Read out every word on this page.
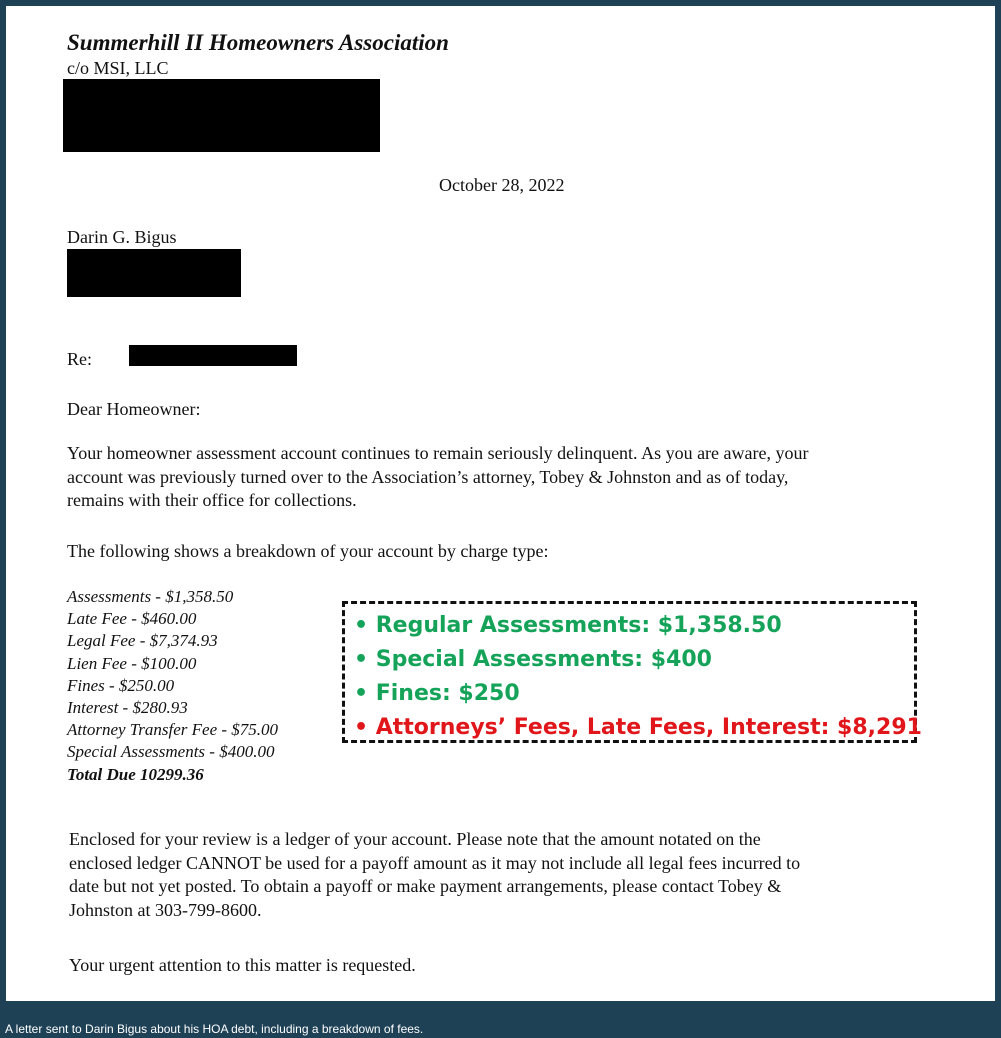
Summerhill II Homeowners Association
c/o MSI, LLC
October 28, 2022
Darin G. Bigus
Re:
Dear Homeowner:
Your homeowner assessment account continues to remain seriously delinquent. As you are aware, your
account was previously turned over to the Association’s attorney, Tobey & Johnston and as of today,
remains with their office for collections.
The following shows a breakdown of your account by charge type:
Assessments - $1,358.50
Late Fee - $460.00
Legal Fee - $7,374.93
Lien Fee - $100.00
Fines - $250.00
Interest - $280.93
Attorney Transfer Fee - $75.00
Special Assessments - $400.00
Total Due 10299.36
• Regular Assessments: $1,358.50
• Special Assessments: $400
• Fines: $250
• Attorneys’ Fees, Late Fees, Interest: $8,291
Enclosed for your review is a ledger of your account. Please note that the amount notated on the
enclosed ledger CANNOT be used for a payoff amount as it may not include all legal fees incurred to
date but not yet posted. To obtain a payoff or make payment arrangements, please contact Tobey &
Johnston at 303-799-8600.
Your urgent attention to this matter is requested.
A letter sent to Darin Bigus about his HOA debt, including a breakdown of fees.
